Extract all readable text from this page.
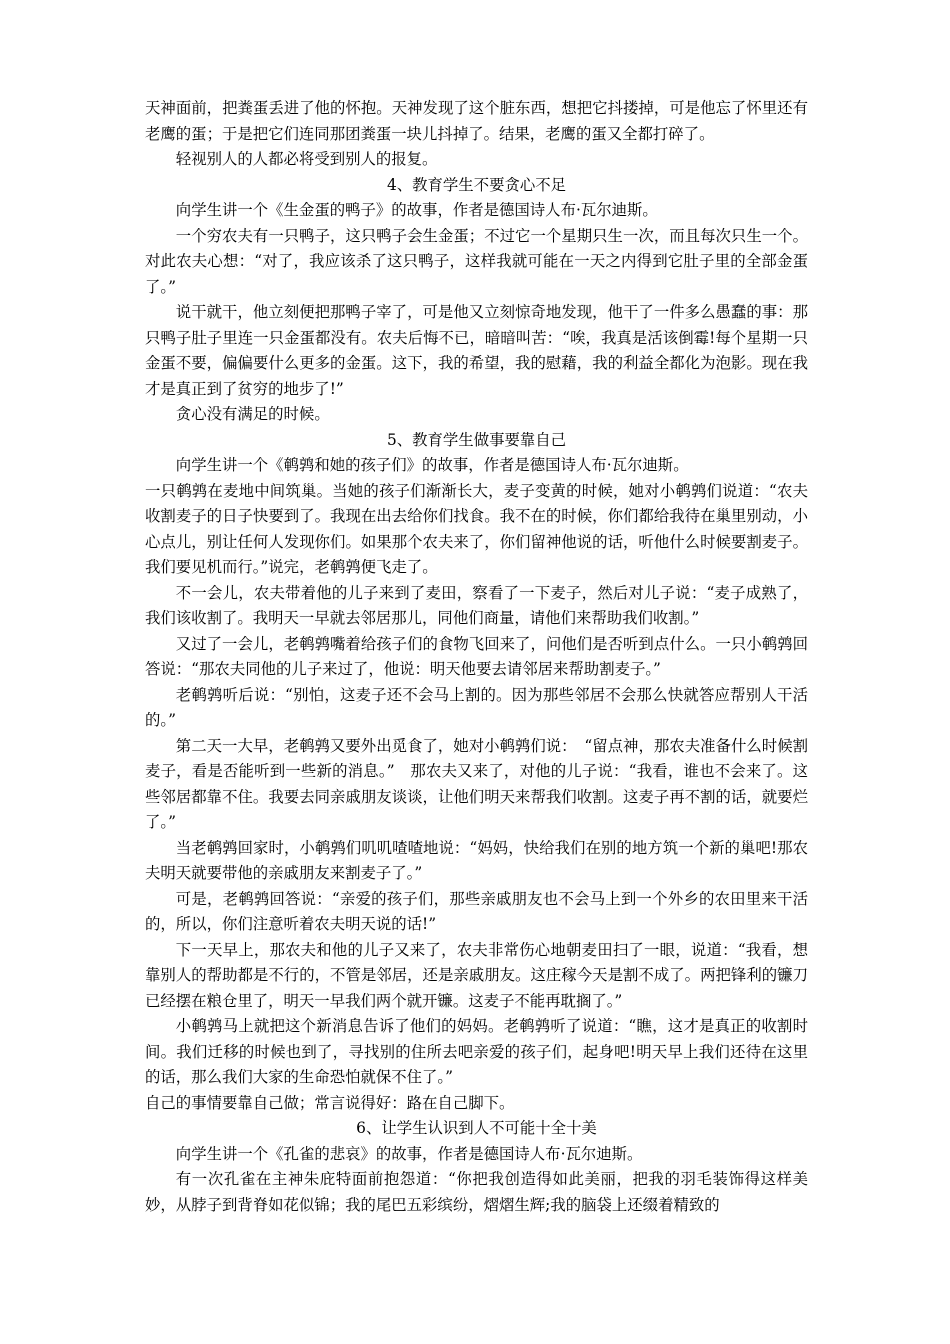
天神面前，把粪蛋丢进了他的怀抱。天神发现了这个脏东西，想把它抖搂掉，可是他忘了怀里还有老鹰的蛋；于是把它们连同那团粪蛋一块儿抖掉了。结果，老鹰的蛋又全都打碎了。

轻视别人的人都必将受到别人的报复。

4、教育学生不要贪心不足

向学生讲一个《生金蛋的鸭子》的故事，作者是德国诗人布·瓦尔迪斯。

一个穷农夫有一只鸭子，这只鸭子会生金蛋；不过它一个星期只生一次，而且每次只生一个。对此农夫心想：“对了，我应该杀了这只鸭子，这样我就可能在一天之内得到它肚子里的全部金蛋了。”

说干就干，他立刻便把那鸭子宰了，可是他又立刻惊奇地发现，他干了一件多么愚蠢的事：那只鸭子肚子里连一只金蛋都没有。农夫后悔不已，暗暗叫苦：“唉，我真是活该倒霉!每个星期一只金蛋不要，偏偏要什么更多的金蛋。这下，我的希望，我的慰藉，我的利益全都化为泡影。现在我才是真正到了贫穷的地步了!”

贪心没有满足的时候。

5、教育学生做事要靠自己

向学生讲一个《鹌鹑和她的孩子们》的故事，作者是德国诗人布·瓦尔迪斯。

一只鹌鹑在麦地中间筑巢。当她的孩子们渐渐长大，麦子变黄的时候，她对小鹌鹑们说道：“农夫收割麦子的日子快要到了。我现在出去给你们找食。我不在的时候，你们都给我待在巢里别动，小心点儿，别让任何人发现你们。如果那个农夫来了，你们留神他说的话，听他什么时候要割麦子。我们要见机而行。”说完，老鹌鹑便飞走了。

不一会儿，农夫带着他的儿子来到了麦田，察看了一下麦子，然后对儿子说：“麦子成熟了，我们该收割了。我明天一早就去邻居那儿，同他们商量，请他们来帮助我们收割。”

又过了一会儿，老鹌鹑嘴着给孩子们的食物飞回来了，问他们是否听到点什么。一只小鹌鹑回答说：“那农夫同他的儿子来过了，他说：明天他要去请邻居来帮助割麦子。”

老鹌鹑听后说：“别怕，这麦子还不会马上割的。因为那些邻居不会那么快就答应帮别人干活的。”

第二天一大早，老鹌鹑又要外出觅食了，她对小鹌鹑们说：　“留点神，那农夫准备什么时候割麦子，看是否能听到一些新的消息。”　那农夫又来了，对他的儿子说：“我看，谁也不会来了。这些邻居都靠不住。我要去同亲戚朋友谈谈，让他们明天来帮我们收割。这麦子再不割的话，就要烂了。”

当老鹌鹑回家时，小鹌鹑们叽叽喳喳地说：“妈妈，快给我们在别的地方筑一个新的巢吧!那农夫明天就要带他的亲戚朋友来割麦子了。”

可是，老鹌鹑回答说：“亲爱的孩子们，那些亲戚朋友也不会马上到一个外乡的农田里来干活的，所以，你们注意听着农夫明天说的话!”

下一天早上，那农夫和他的儿子又来了，农夫非常伤心地朝麦田扫了一眼，说道：“我看，想靠别人的帮助都是不行的，不管是邻居，还是亲戚朋友。这庄稼今天是割不成了。两把锋利的镰刀已经摆在粮仓里了，明天一早我们两个就开镰。这麦子不能再耽搁了。”

小鹌鹑马上就把这个新消息告诉了他们的妈妈。老鹌鹑听了说道：“瞧，这才是真正的收割时间。我们迁移的时候也到了，寻找别的住所去吧亲爱的孩子们，起身吧!明天早上我们还待在这里的话，那么我们大家的生命恐怕就保不住了。”

自己的事情要靠自己做；常言说得好：路在自己脚下。

6、让学生认识到人不可能十全十美

向学生讲一个《孔雀的悲哀》的故事，作者是德国诗人布·瓦尔迪斯。

有一次孔雀在主神朱庇特面前抱怨道：“你把我创造得如此美丽，把我的羽毛装饰得这样美妙，从脖子到背脊如花似锦；我的尾巴五彩缤纷，熠熠生辉;我的脑袋上还缀着精致的
